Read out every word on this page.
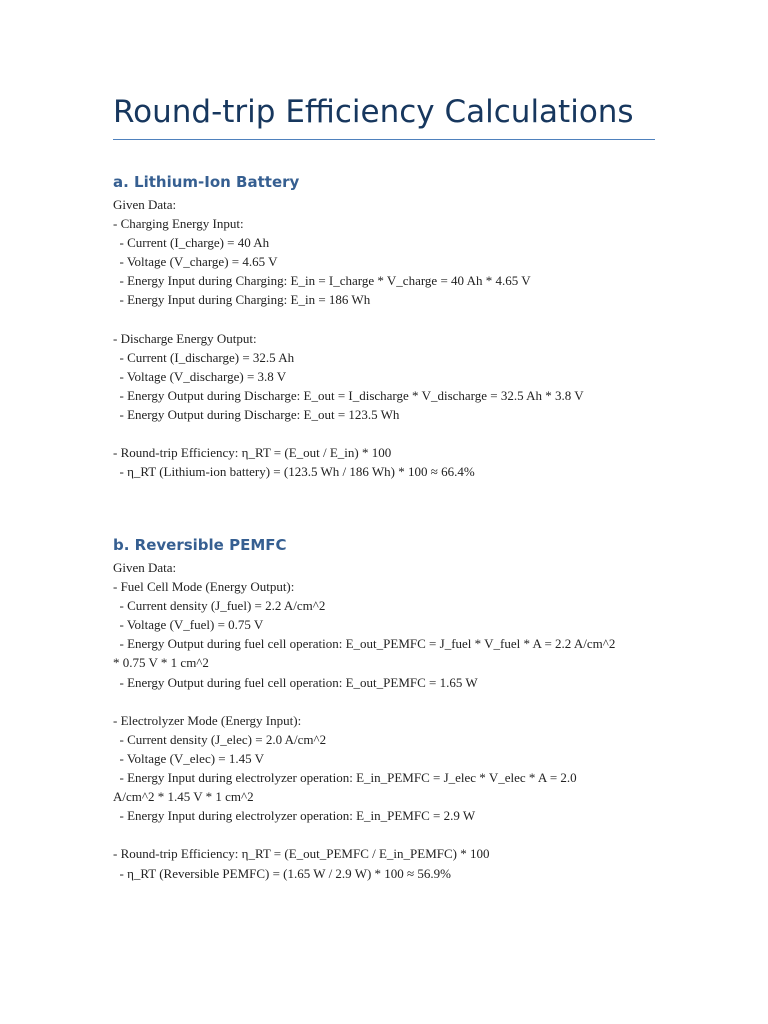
Round-trip Efficiency Calculations
a. Lithium-Ion Battery
Given Data:
- Charging Energy Input:
- Current (I_charge) = 40 Ah
- Voltage (V_charge) = 4.65 V
- Energy Input during Charging: E_in = I_charge * V_charge = 40 Ah * 4.65 V
- Energy Input during Charging: E_in = 186 Wh
- Discharge Energy Output:
- Current (I_discharge) = 32.5 Ah
- Voltage (V_discharge) = 3.8 V
- Energy Output during Discharge: E_out = I_discharge * V_discharge = 32.5 Ah * 3.8 V
- Energy Output during Discharge: E_out = 123.5 Wh
- Round-trip Efficiency: η_RT = (E_out / E_in) * 100
- η_RT (Lithium-ion battery) = (123.5 Wh / 186 Wh) * 100 ≈ 66.4%
b. Reversible PEMFC
Given Data:
- Fuel Cell Mode (Energy Output):
- Current density (J_fuel) = 2.2 A/cm^2
- Voltage (V_fuel) = 0.75 V
- Energy Output during fuel cell operation: E_out_PEMFC = J_fuel * V_fuel * A = 2.2 A/cm^2
* 0.75 V * 1 cm^2
- Energy Output during fuel cell operation: E_out_PEMFC = 1.65 W
- Electrolyzer Mode (Energy Input):
- Current density (J_elec) = 2.0 A/cm^2
- Voltage (V_elec) = 1.45 V
- Energy Input during electrolyzer operation: E_in_PEMFC = J_elec * V_elec * A = 2.0
A/cm^2 * 1.45 V * 1 cm^2
- Energy Input during electrolyzer operation: E_in_PEMFC = 2.9 W
- Round-trip Efficiency: η_RT = (E_out_PEMFC / E_in_PEMFC) * 100
- η_RT (Reversible PEMFC) = (1.65 W / 2.9 W) * 100 ≈ 56.9%
